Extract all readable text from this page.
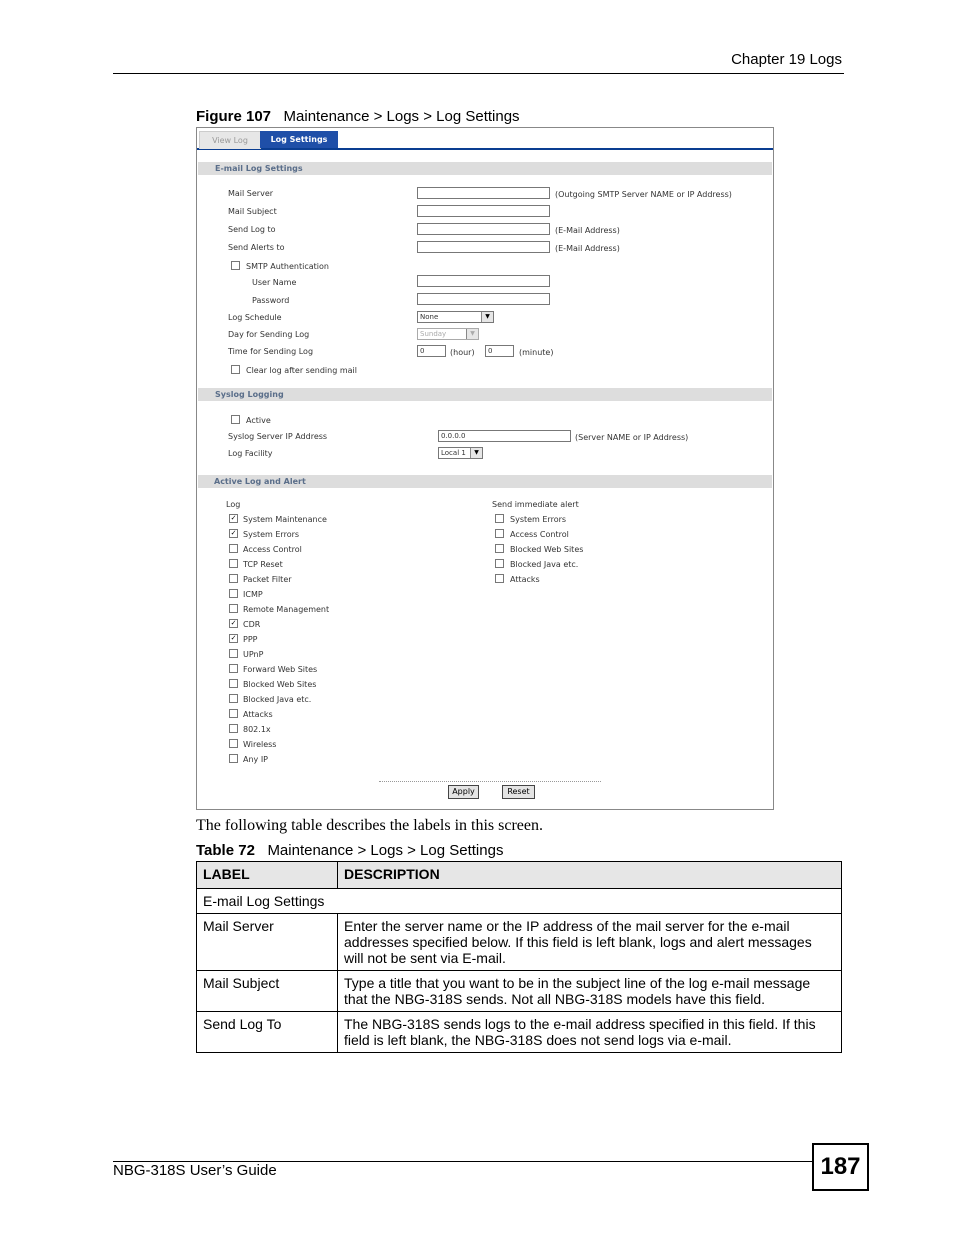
Chapter 19 Logs
Figure 107 Maintenance > Logs > Log Settings
View Log	Log Settings
E-mail Log Settings
Mail Server	(Outgoing SMTP Server NAME or IP Address)
Mail Subject
Send Log to	(E-Mail Address)
Send Alerts to	(E-Mail Address)
SMTP Authentication
User Name
Password
Log Schedule	None	▼
Day for Sending Log	Sunday	▼
Time for Sending Log	0	(hour)	0	(minute)
Clear log after sending mail
Syslog Logging
Active
Syslog Server IP Address	0.0.0.0	(Server NAME or IP Address)
Log Facility	Local 1	▼
Active Log and Alert
Log	Send immediate alert
✓ System Maintenance
✓ System Errors
Access Control
TCP Reset
Packet Filter
ICMP
Remote Management
✓ CDR
✓ PPP
UPnP
Forward Web Sites
Blocked Web Sites
Blocked Java etc.
Attacks
802.1x
Wireless
Any IP
System Errors
Access Control
Blocked Web Sites
Blocked Java etc.
Attacks
Apply	Reset
The following table describes the labels in this screen.
Table 72 Maintenance > Logs > Log Settings
LABEL	DESCRIPTION
E-mail Log Settings	
Mail Server	Enter the server name or the IP address of the mail server for the e-mail addresses specified below. If this field is left blank, logs and alert messages will not be sent via E-mail.
Mail Subject	Type a title that you want to be in the subject line of the log e-mail message that the NBG-318S sends. Not all NBG-318S models have this field.
Send Log To	The NBG-318S sends logs to the e-mail address specified in this field. If this field is left blank, the NBG-318S does not send logs via e-mail.
NBG-318S User’s Guide	187
